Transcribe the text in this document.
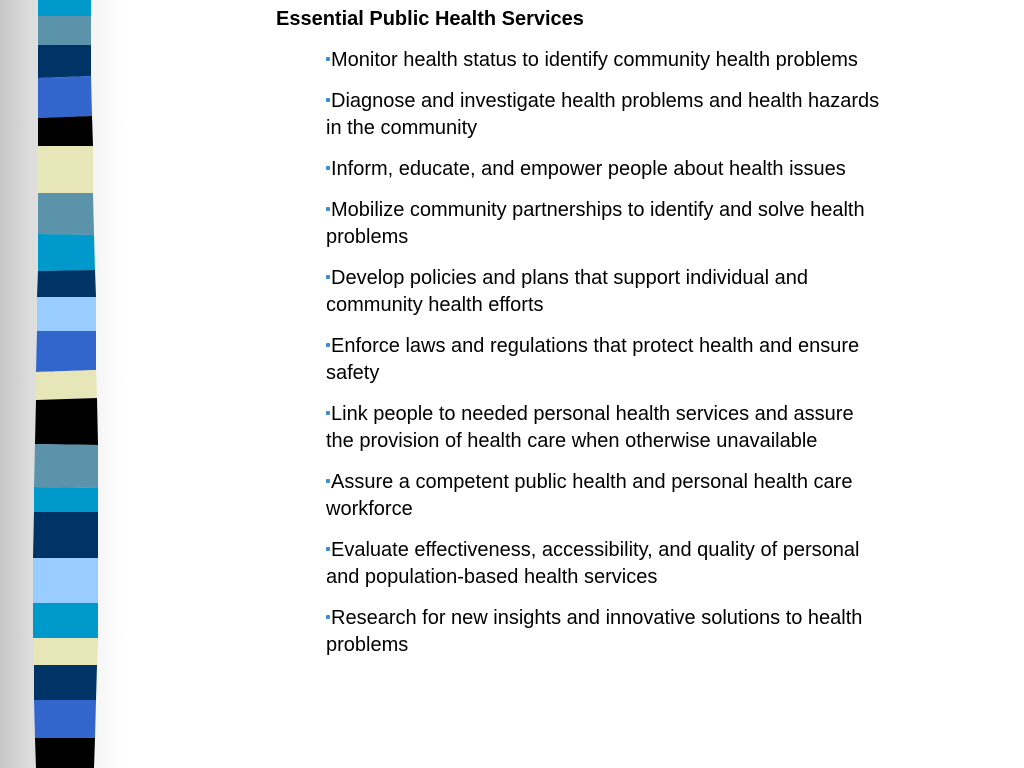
Essential Public Health Services
Monitor health status to identify community health problems
Diagnose and investigate health problems and health hazards in the community
Inform, educate, and empower people about health issues
Mobilize community partnerships to identify and solve health problems
Develop policies and plans that support individual and community health efforts
Enforce laws and regulations that protect health and ensure safety
Link people to needed personal health services and assure the provision of health care when otherwise unavailable
Assure a competent public health and personal health care workforce
Evaluate effectiveness, accessibility, and quality of personal and population-based health services
Research for new insights and innovative solutions to health problems
